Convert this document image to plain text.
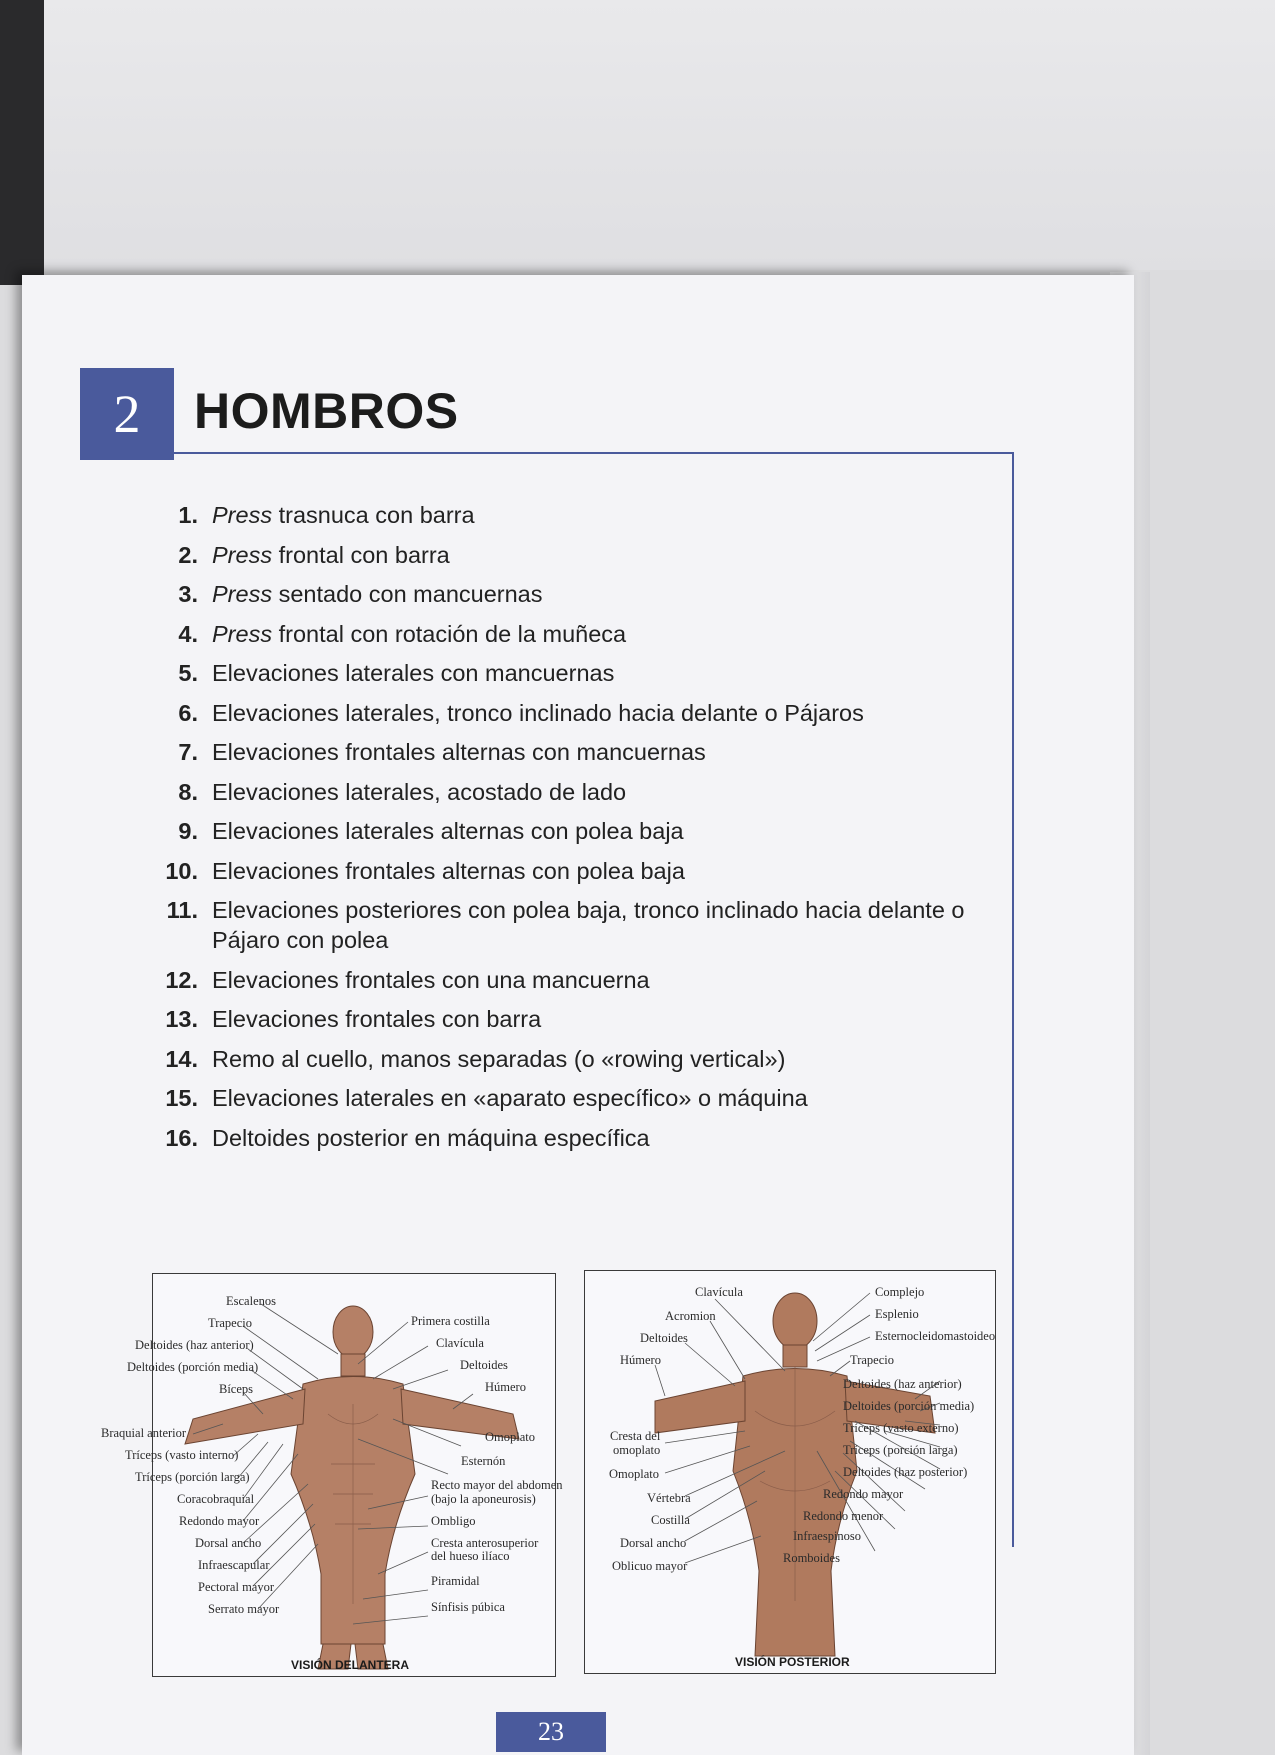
2	HOMBROS
1. Press trasnuca con barra
2. Press frontal con barra
3. Press sentado con mancuernas
4. Press frontal con rotación de la muñeca
5. Elevaciones laterales con mancuernas
6. Elevaciones laterales, tronco inclinado hacia delante o Pájaros
7. Elevaciones frontales alternas con mancuernas
8. Elevaciones laterales, acostado de lado
9. Elevaciones laterales alternas con polea baja
10. Elevaciones frontales alternas con polea baja
11. Elevaciones posteriores con polea baja, tronco inclinado hacia delante o Pájaro con polea
12. Elevaciones frontales con una mancuerna
13. Elevaciones frontales con barra
14. Remo al cuello, manos separadas (o «rowing vertical»)
15. Elevaciones laterales en «aparato específico» o máquina
16. Deltoides posterior en máquina específica
Escalenos
Trapecio
Deltoides (haz anterior)
Deltoides (porción media)
Bíceps
Braquial anterior
Tríceps (vasto interno)
Tríceps (porción larga)
Coracobraquial
Redondo mayor
Dorsal ancho
Infraescapular
Pectoral mayor
Serrato mayor
Primera costilla
Clavícula
Deltoides
Húmero
Omoplato
Esternón
Recto mayor del abdomen
(bajo la aponeurosis)
Ombligo
Cresta anterosuperior
del hueso ilíaco
Piramidal
Sínfisis púbica
VISIÓN DELANTERA
Clavícula
Acromion
Deltoides
Húmero
Cresta del
omoplato
Omoplato
Vértebra
Costilla
Dorsal ancho
Oblicuo mayor
Complejo
Esplenio
Esternocleidomastoideo
Trapecio
Deltoides (haz anterior)
Deltoides (porción media)
Tríceps (vasto externo)
Tríceps (porción larga)
Deltoides (haz posterior)
Redondo mayor
Redondo menor
Infraespinoso
Romboides
VISIÓN POSTERIOR
23
